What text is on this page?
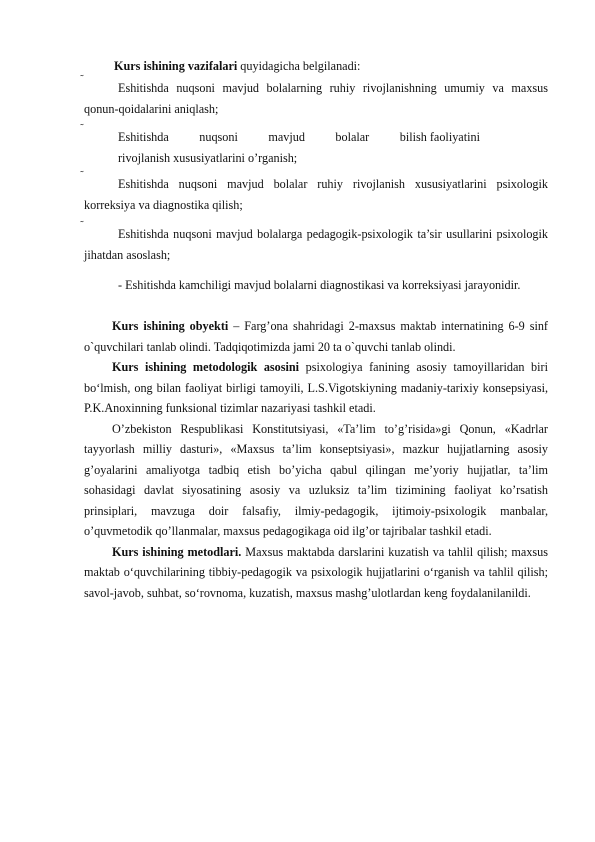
Kurs ishining vazifalari quyidagicha belgilanadi:

˜
Eshitishda nuqsoni mavjud bolalarning ruhiy rivojlanishning umumiy va maxsus qonun-qoidalarini aniqlash;
˜
Eshitishda nuqsoni mavjud bolalar bilish faoliyatini
rivojlanish xususiyatlarini o’rganish;
˜
Eshitishda nuqsoni mavjud bolalar ruhiy rivojlanish xususiyatlarini psixologik korreksiya va diagnostika qilish;
˜
Eshitishda nuqsoni mavjud bolalarga pedagogik-psixologik ta’sir usullarini psixologik jihatdan asoslash;
- Eshitishda kamchiligi mavjud bolalarni diagnostikasi va korreksiyasi jarayonidir.

Kurs ishining obyekti – Farg’ona shahridagi 2-maxsus maktab internatining 6-9 sinf o`quvchilari tanlab olindi. Tadqiqotimizda jami 20 ta o`quvchi tanlab olindi.

Kurs ishining metodologik asosini psixologiya fanining asosiy tamoyillaridan biri bo‘lmish, ong bilan faoliyat birligi tamoyili, L.S.Vigotskiyning madaniy-tarixiy konsepsiyasi, P.K.Anoxinning funksional tizimlar nazariyasi tashkil etadi.

O’zbekiston Respublikasi Konstitutsiyasi, «Ta’lim to’g’risida»gi Qonun, «Kadrlar tayyorlash milliy dasturi», «Maxsus ta’lim konseptsiyasi», mazkur hujjatlarning asosiy g’oyalarini amaliyotga tadbiq etish bo’yicha qabul qilingan me’yoriy hujjatlar, ta’lim sohasidagi davlat siyosatining asosiy va uzluksiz ta’lim tizimining faoliyat ko’rsatish prinsiplari, mavzuga doir falsafiy, ilmiy-pedagogik, ijtimoiy-psixologik manbalar, o’quvmetodik qo’llanmalar, maxsus pedagogikaga oid ilg’or tajribalar tashkil etadi.

Kurs ishining metodlari. Maxsus maktabda darslarini kuzatish va tahlil qilish; maxsus maktab o‘quvchilarining tibbiy-pedagogik va psixologik hujjatlarini o‘rganish va tahlil qilish; savol-javob, suhbat, so‘rovnoma, kuzatish, maxsus mashg’ulotlardan keng foydalanilanildi.
